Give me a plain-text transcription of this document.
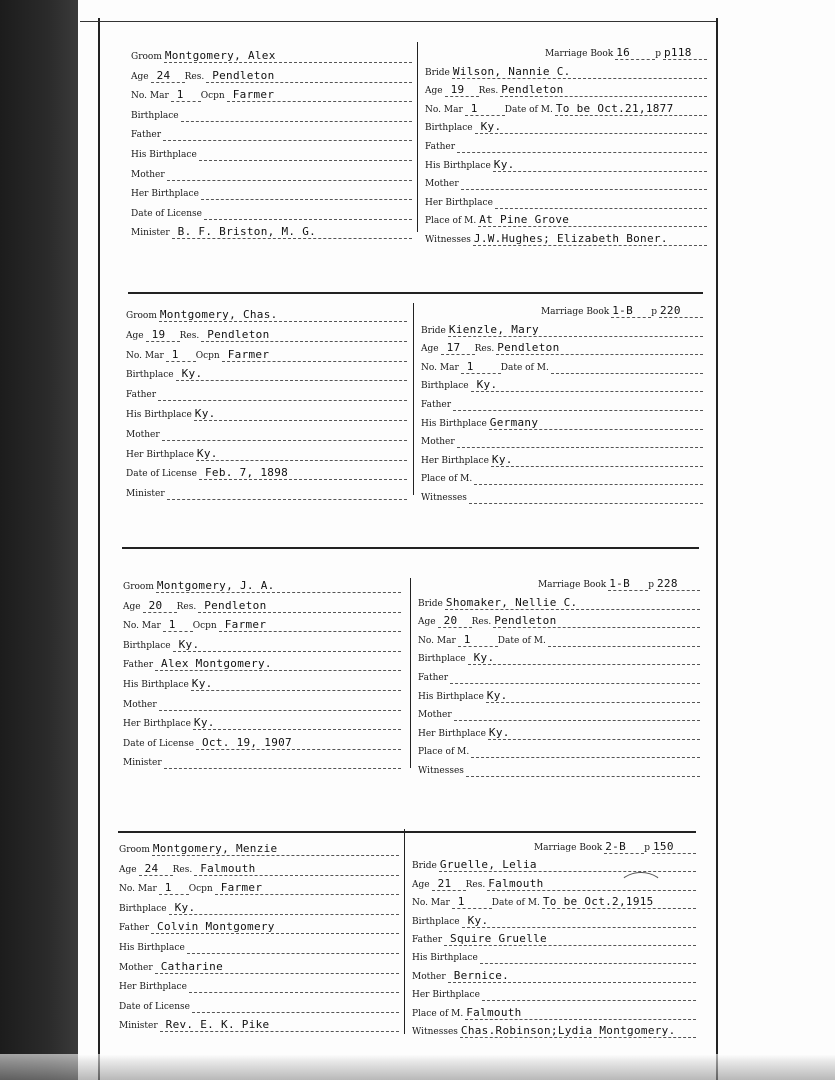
Groom Montgomery, Alex
Age 24 Res. Pendleton
No. Mar 1 Ocpn Farmer
Birthplace
Father
His Birthplace
Mother
Her Birthplace
Date of License
Minister B. F. Briston, M. G.
Marriage Book 16	p p118
Bride Wilson, Nannie C.
Age 19 Res. Pendleton
No. Mar 1	Date of M. To be Oct.21,1877
Birthplace Ky.
Father
His Birthplace Ky.
Mother
Her Birthplace
Place of M. At Pine Grove
Witnesses J.W.Hughes; Elizabeth Boner.
Groom Montgomery, Chas.
Age 19 Res. Pendleton
No. Mar 1 Ocpn Farmer
Birthplace Ky.
Father
His Birthplace Ky.
Mother
Her Birthplace Ky.
Date of License Feb. 7, 1898
Minister
Marriage Book 1-B p 220
Bride Kienzle, Mary
Age 17 Res. Pendleton
No. Mar 1	Date of M.
Birthplace Ky.
Father
His Birthplace Germany
Mother
Her Birthplace Ky.
Place of M.
Witnesses
Groom Montgomery, J. A.
Age 20 Res. Pendleton
No. Mar 1 Ocpn Farmer
Birthplace Ky.
Father Alex Montgomery.
His Birthplace Ky.
Mother
Her Birthplace Ky.
Date of License Oct. 19, 1907
Minister
Marriage Book 1-B p 228
Bride Shomaker, Nellie C.
Age 20 Res. Pendleton
No. Mar 1	Date of M.
Birthplace Ky.
Father
His Birthplace Ky.
Mother
Her Birthplace Ky.
Place of M.
Witnesses
Groom Montgomery, Menzie
Age 24 Res. Falmouth
No. Mar 1 Ocpn Farmer
Birthplace Ky.
Father Colvin Montgomery
His Birthplace
Mother Catharine
Her Birthplace
Date of License
Minister Rev. E. K. Pike
Marriage Book 2-B p 150
Bride Gruelle, Lelia
Age 21 Res. Falmouth
No. Mar 1	Date of M. To be Oct.2,1915
Birthplace Ky.
Father Squire Gruelle
His Birthplace
Mother Bernice.
Her Birthplace
Place of M. Falmouth
Witnesses Chas.Robinson;Lydia Montgomery.
